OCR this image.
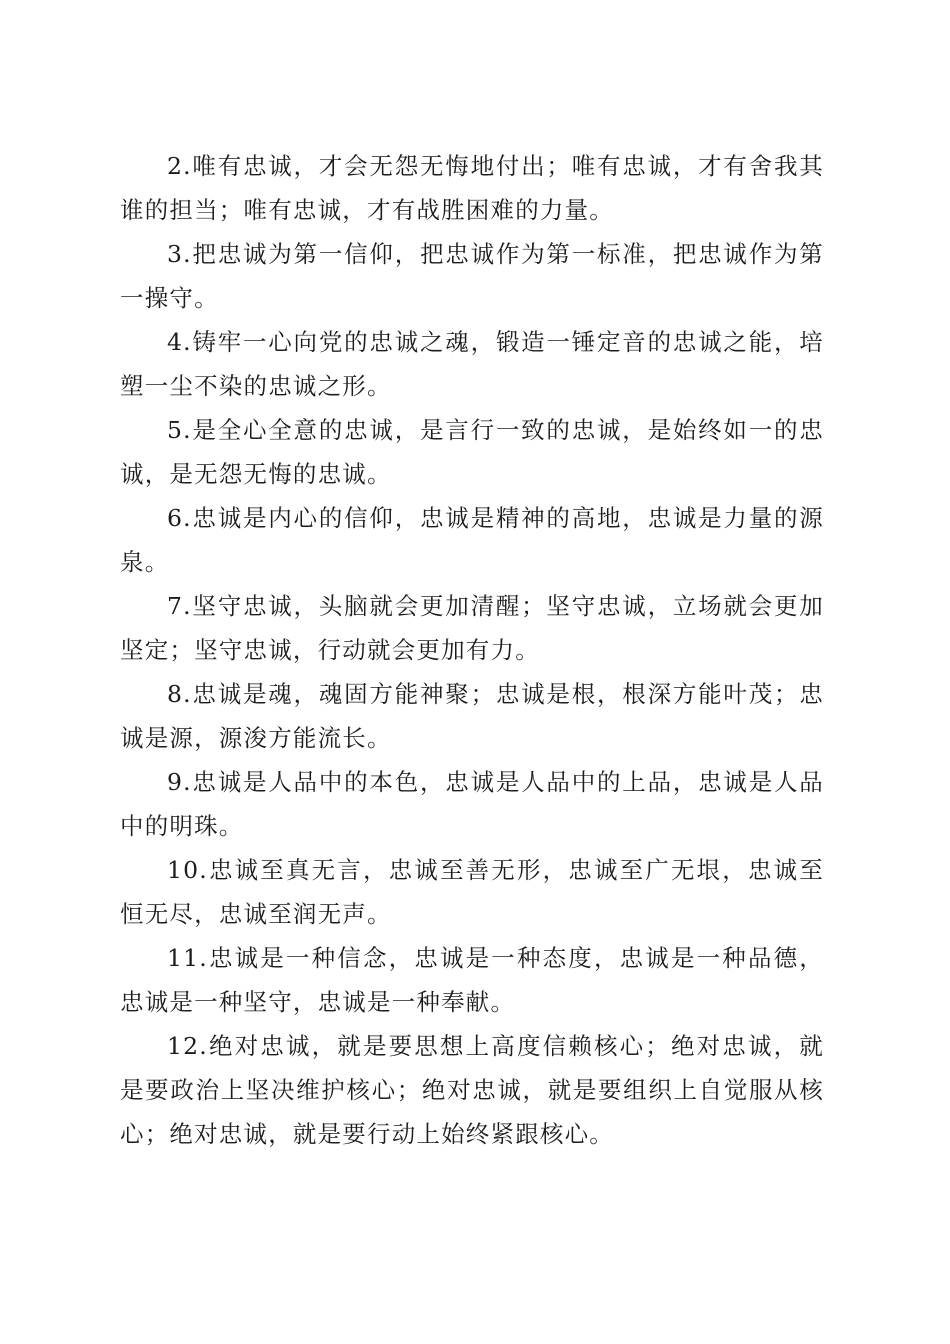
2.唯有忠诚，才会无怨无悔地付出；唯有忠诚，才有舍我其谁的担当；唯有忠诚，才有战胜困难的力量。

3.把忠诚为第一信仰，把忠诚作为第一标准，把忠诚作为第一操守。

4.铸牢一心向党的忠诚之魂，锻造一锤定音的忠诚之能，培塑一尘不染的忠诚之形。

5.是全心全意的忠诚，是言行一致的忠诚，是始终如一的忠诚，是无怨无悔的忠诚。

6.忠诚是内心的信仰，忠诚是精神的高地，忠诚是力量的源泉。

7.坚守忠诚，头脑就会更加清醒；坚守忠诚，立场就会更加坚定；坚守忠诚，行动就会更加有力。

8.忠诚是魂，魂固方能神聚；忠诚是根，根深方能叶茂；忠诚是源，源浚方能流长。

9.忠诚是人品中的本色，忠诚是人品中的上品，忠诚是人品中的明珠。

10.忠诚至真无言，忠诚至善无形，忠诚至广无垠，忠诚至恒无尽，忠诚至润无声。

11.忠诚是一种信念，忠诚是一种态度，忠诚是一种品德，忠诚是一种坚守，忠诚是一种奉献。

12.绝对忠诚，就是要思想上高度信赖核心；绝对忠诚，就是要政治上坚决维护核心；绝对忠诚，就是要组织上自觉服从核心；绝对忠诚，就是要行动上始终紧跟核心。
